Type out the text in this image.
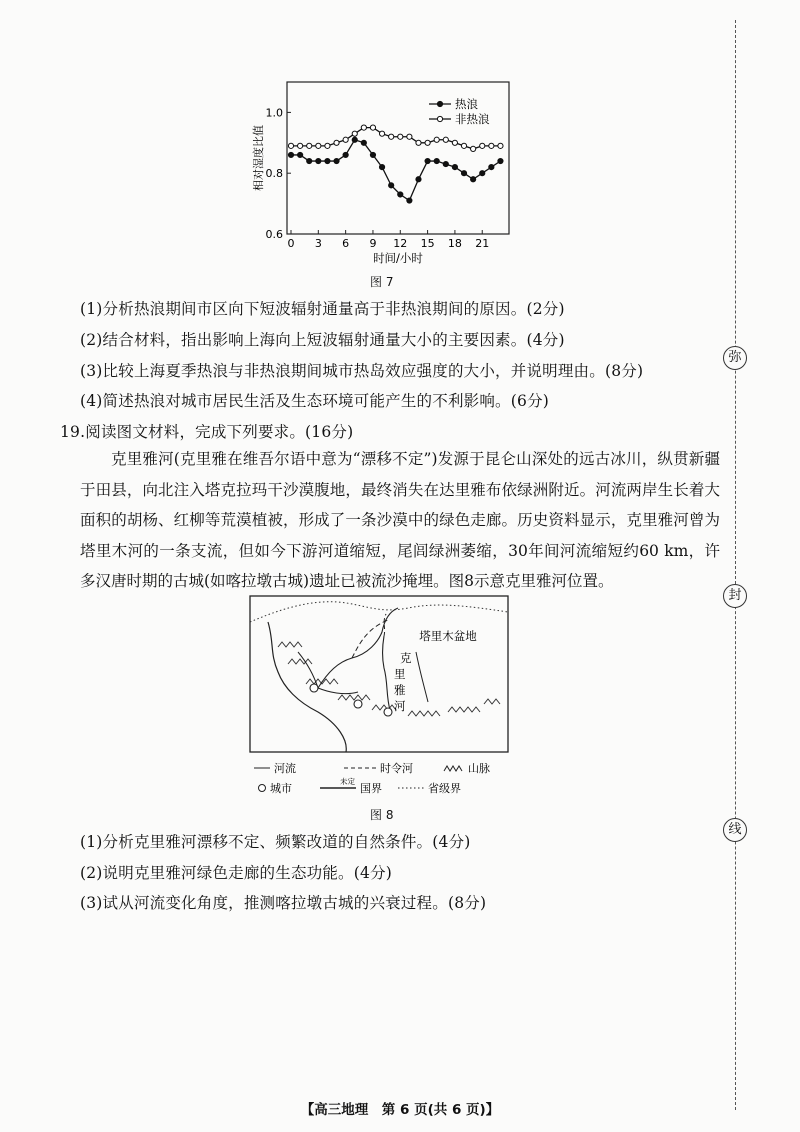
0.6
0.8
1.0
0 3 6 9 12 15 18 21
热浪
非热浪
相对湿度比值
时间/小时
图 7
(1)分析热浪期间市区向下短波辐射通量高于非热浪期间的原因。(2分)
(2)结合材料，指出影响上海向上短波辐射通量大小的主要因素。(4分)
(3)比较上海夏季热浪与非热浪期间城市热岛效应强度的大小，并说明理由。(8分)
(4)简述热浪对城市居民生活及生态环境可能产生的不利影响。(6分)
19.阅读图文材料，完成下列要求。(16分)

克里雅河(克里雅在维吾尔语中意为“漂移不定”)发源于昆仑山深处的远古冰川，纵贯新疆于田县，向北注入塔克拉玛干沙漠腹地，最终消失在达里雅布依绿洲附近。河流两岸生长着大面积的胡杨、红柳等荒漠植被，形成了一条沙漠中的绿色走廊。历史资料显示，克里雅河曾为塔里木河的一条支流，但如今下游河道缩短，尾闾绿洲萎缩，30年间河流缩短约60 km，许多汉唐时期的古城(如喀拉墩古城)遗址已被流沙掩埋。图8示意克里雅河位置。

塔里木盆地
克
里
雅
河
河流	时令河	山脉
城市
未定
国界	省级界
图 8
(1)分析克里雅河漂移不定、频繁改道的自然条件。(4分)
(2)说明克里雅河绿色走廊的生态功能。(4分)
(3)试从河流变化角度，推测喀拉墩古城的兴衰过程。(8分)
弥
封
线
【高三地理　第 6 页(共 6 页)】
